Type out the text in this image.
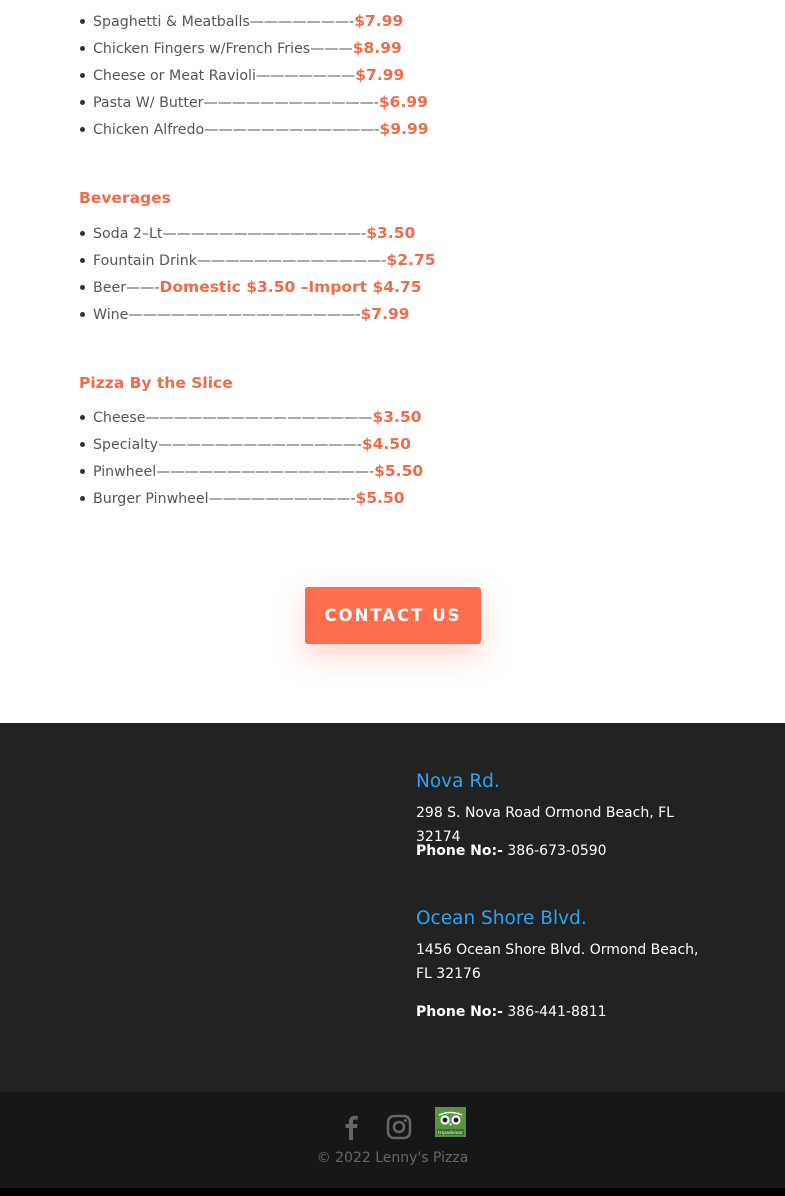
Spaghetti & Meatballs———————-$7.99
Chicken Fingers w/French Fries———$8.99
Cheese or Meat Ravioli———————$7.99
Pasta W/ Butter————————————-$6.99
Chicken Alfredo————————————-$9.99
Beverages
Soda 2–Lt——————————————-$3.50
Fountain Drink—————————————-$2.75
Beer——-Domestic $3.50 –Import $4.75
Wine————————————————-$7.99
Pizza By the Slice
Cheese————————————————$3.50
Specialty——————————————-$4.50
Pinwheel———————————————-$5.50
Burger Pinwheel——————————-$5.50
CONTACT US
Nova Rd.
298 S. Nova Road Ormond Beach, FL 32174
Phone No:- 386-673-0590
Ocean Shore Blvd.
1456 Ocean Shore Blvd. Ormond Beach, FL 32176
Phone No:- 386-441-8811
tripadvisor
© 2022 Lenny's Pizza
